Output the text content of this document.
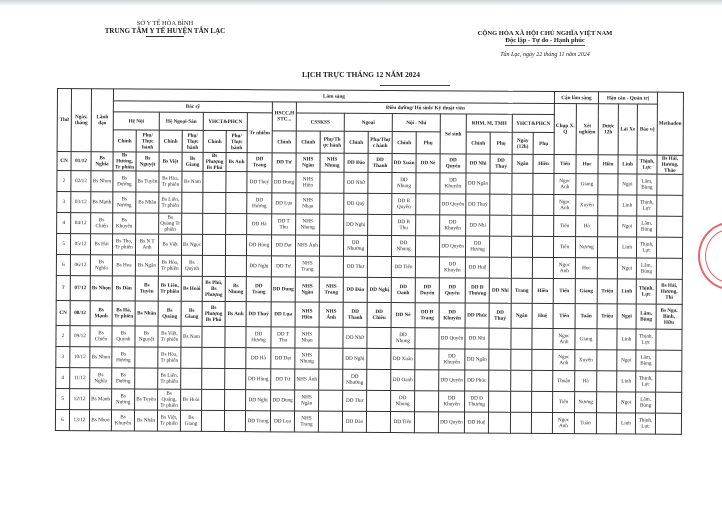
SỞ Y TẾ HÒA BÌNH
TRUNG TÂM Y TẾ HUYỆN TÂN LẠC	CỘNG HÒA XÃ HỘI CHỦ NGHĨA VIỆT NAM
Độc lập - Tự do - Hạnh phúc
Tân Lạc, ngày 22 tháng 11 năm 2024
LỊCH TRỰC THÁNG 12 NĂM 2024
Thứ	Ngày, tháng	Lãnh đạo	Lâm sàng																			Cận lâm sàng		Hậu cần - Quản trị			Methadon
			Bác sỹ							HSCC,H STC...	Điều dưỡng/ Hộ sinh/ Kỹ thuật viên											Chụp X. Q	Xét nghiệm	Dược 12h	Lái Xe	Bảo vệ	
			Hệ Nội		Hệ Ngoại-Sản		YHCT&PHCN		Tr nhiễm		CSSKSS		Ngoại		Nội - Nhi		Sơ sinh	RHM, M, TMH		YHCT&PHCN							
			Chính	Phụ/ Thực hành	Chính	Phụ/ Thực hành	Chính	Phụ/ Thực hành		Chính	Chính	Phụ/Th ực hành	Chính	Phụ/Thự c hành	Chính	Phụ		Chính	Phụ	Ngày (12h)	Phụ						
CN	01/12	Bs Nghĩa	Bs Hương, Tr phiên	Bs Nguyệt	Bs Việt	Bs Giang	Bs Phượng Bs Phú	Bs Anh	DD Trang	DD Tư	NHS Ngần	NHS Nhung	DD Đào	DD Thanh	DD Xuân	DD Nè	DD Quyên	DD Nhi	DD Thuý	Ngân	Hiền	Tiến	Học	Hiền	Linh	Thịnh, Lực	Bs Hải, Hương, Thảo
2	02/12	Bs Nhọn	Bs Đường	Bs Tuyền	Bs Hòa, Tr phiên	Bs Nam			DD Thuý	DD Dung	NHS Hiền		DD Nhữ		DD Nhung		DD Khuyên	DD Ngân				Ngọc Anh	Giang		Ngọi	Lâm, Bùng	
3	03/12	Bs Mạnh	Bs Nương	Bs Nhân	Bs Liên, Tr phiên				DD Hương	DD Lụa	NHS Nhạn		DD Quý		DD B Quyên		DD Quyên	DD Thuỷ				Ngọc Anh	Xuyến		Linh	Thịnh, Lực	
4	04/12	Bs Chiến	Bs Khuyên		Bs Quảng Tr phiên				DD Hà	DD T Thu	NHS Nhung		DD Nghị		DD B Thu		DD Khuyên	DD Nhi				Tiến	Hà		Ngọi	Lâm, Bùng	
5	05/12	Bs Hải	Bs Thọ, Tr phiên	Bs N T Anh	Bs Việt	Bs Ngọc			DD Hùng	DD Đạt	NHS Ánh		DD Nhường		DD Nhung		DD Quyên	DD Hương				Tiến	Nương		Linh	Thịnh, Lực	
6	06/12	Bs Nghĩa	Bs Hoa	Bs Ngân	Bs Hòa, Tr phiên	Bs Quỳnh			DD Nghị	DD Tư	NHS Trang		DD Thư		DD Tiến		DD Khuyên	DD Huệ				Ngọc Anh	Học		Ngọi	Lâm, Bùng	
7	07/12	Bs Nhọn	Bs Dần	Bs Tuyền	Bs Liên, Tr phiên	Bs Hoài	Bs Phú, Bs Phượng	Bs Nhung	DD Trang	DD Dung	NHS Ngần	NHS Trang	DD Đào	DD Nghị	DD Oanh	DD Duyên	DD Quyên	DD Đ Thương	DD Nhi	Trang	Hiền	Tiến	Giang	Triệu	Linh	Thịnh, Lực	Bs Hải, Hương, Thì
CN	08/12	Bs Mạnh	Bs Hà, Tr phiên	Bs Nhân	Bs Quảng	Bs Giang	Bs Phượng Bs Phú	Bs Anh	DD Thuý	DD Lụa	NHS Hiền	NHS Ánh	DD Thanh	DD Chiêu	DD Nè	DD Đ Trang	DD Khuyên	DD Phúc	DD Thuý	Ngân	Huệ	Tiến	Tuấn	Triệu	Ngọi	Lâm, Bùng	Bs Nga, Bình, Hữu
2	09/12	Bs Chiến	Bs Quỳnh	Bs Nguyệt	Bs Việt, Tr phiên	Bs Nam			DD Hương	DD T Thu	NHS Nhạn		DD Nhữ		DD Nhung		DD Quyên	DD Nhi				Ngọc Anh	Giang		Linh	Thịnh, Lực	
3	10/12	Bs Nhọn	Bs Hương		Bs Hòa, Tr phiên				DD Hà	DD Đạt	NHS Nhung		DD Nghị		DD Xuân		DD Khuyên	DD Ngân				Ngọc Anh	Xuyến		Ngọi	Lâm, Bùng	
4	11/12	Bs Nghĩa	Bs Đường		Bs Liên, Tr phiên				DD Hùng	DD Tư	NHS Ánh		DD Nhường		DD Oanh		DD Quyên	DD Phúc				Thuận	Hà		Linh	Thịnh, Lực	
5	12/12	Bs Mạnh	Bs Nương	Bs Tuyền	Bs Quảng, Tr phiên	Bs Hoài			DD Nghị	DD Dung	NHS Ngần		DD Thư		DD Nhung		DD Khuyên	DD Đ Thương				Tiến	Nương		Ngọi	Lâm, Bùng	
6	13/12	Bs Nhọn	Bs Khuyên	Bs Nhân	Bs Việt, Tr phiên	Bs Giang			DD Trang	DD Lụa	NHS Trang		DD Đào		DD Tiến		DD Quyên	DD Huệ				Ngọc Anh	Tuấn		Linh	Thịnh, Lực	
